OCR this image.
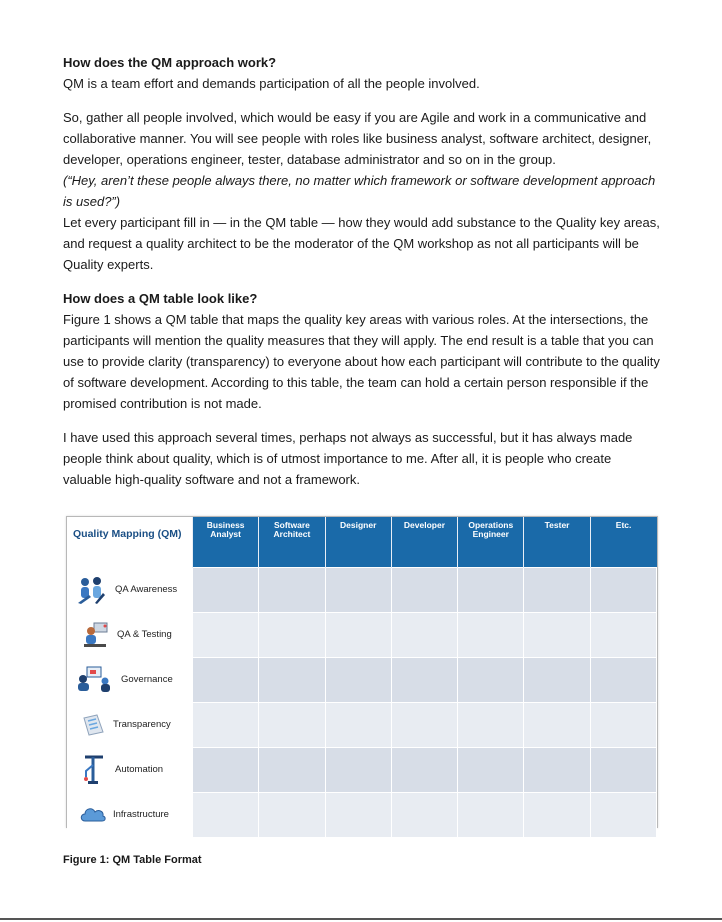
How does the QM approach work?

QM is a team effort and demands participation of all the people involved.

So, gather all people involved, which would be easy if you are Agile and work in a communicative and collaborative manner. You will see people with roles like business analyst, software architect, designer, developer, operations engineer, tester, database administrator and so on in the group.

(“Hey, aren’t these people always there, no matter which framework or software development approach is used?”)

Let every participant fill in — in the QM table — how they would add substance to the Quality key areas, and request a quality architect to be the moderator of the QM workshop as not all participants will be Quality experts.

How does a QM table look like?

Figure 1 shows a QM table that maps the quality key areas with various roles. At the intersections, the participants will mention the quality measures that they will apply. The end result is a table that you can use to provide clarity (transparency) to everyone about how each participant will contribute to the quality of software development. According to this table, the team can hold a certain person responsible if the promised contribution is not made.

I have used this approach several times, perhaps not always as successful, but it has always made people think about quality, which is of utmost importance to me. After all, it is people who create valuable high-quality software and not a framework.

Quality Mapping (QM)	Business Analyst	Software Architect	Designer	Developer	Operations Engineer	Tester	Etc.

QA Awareness							

QA & Testing							

Governance							

Transparency							

Automation							

Infrastructure							

Figure 1: QM Table Format
